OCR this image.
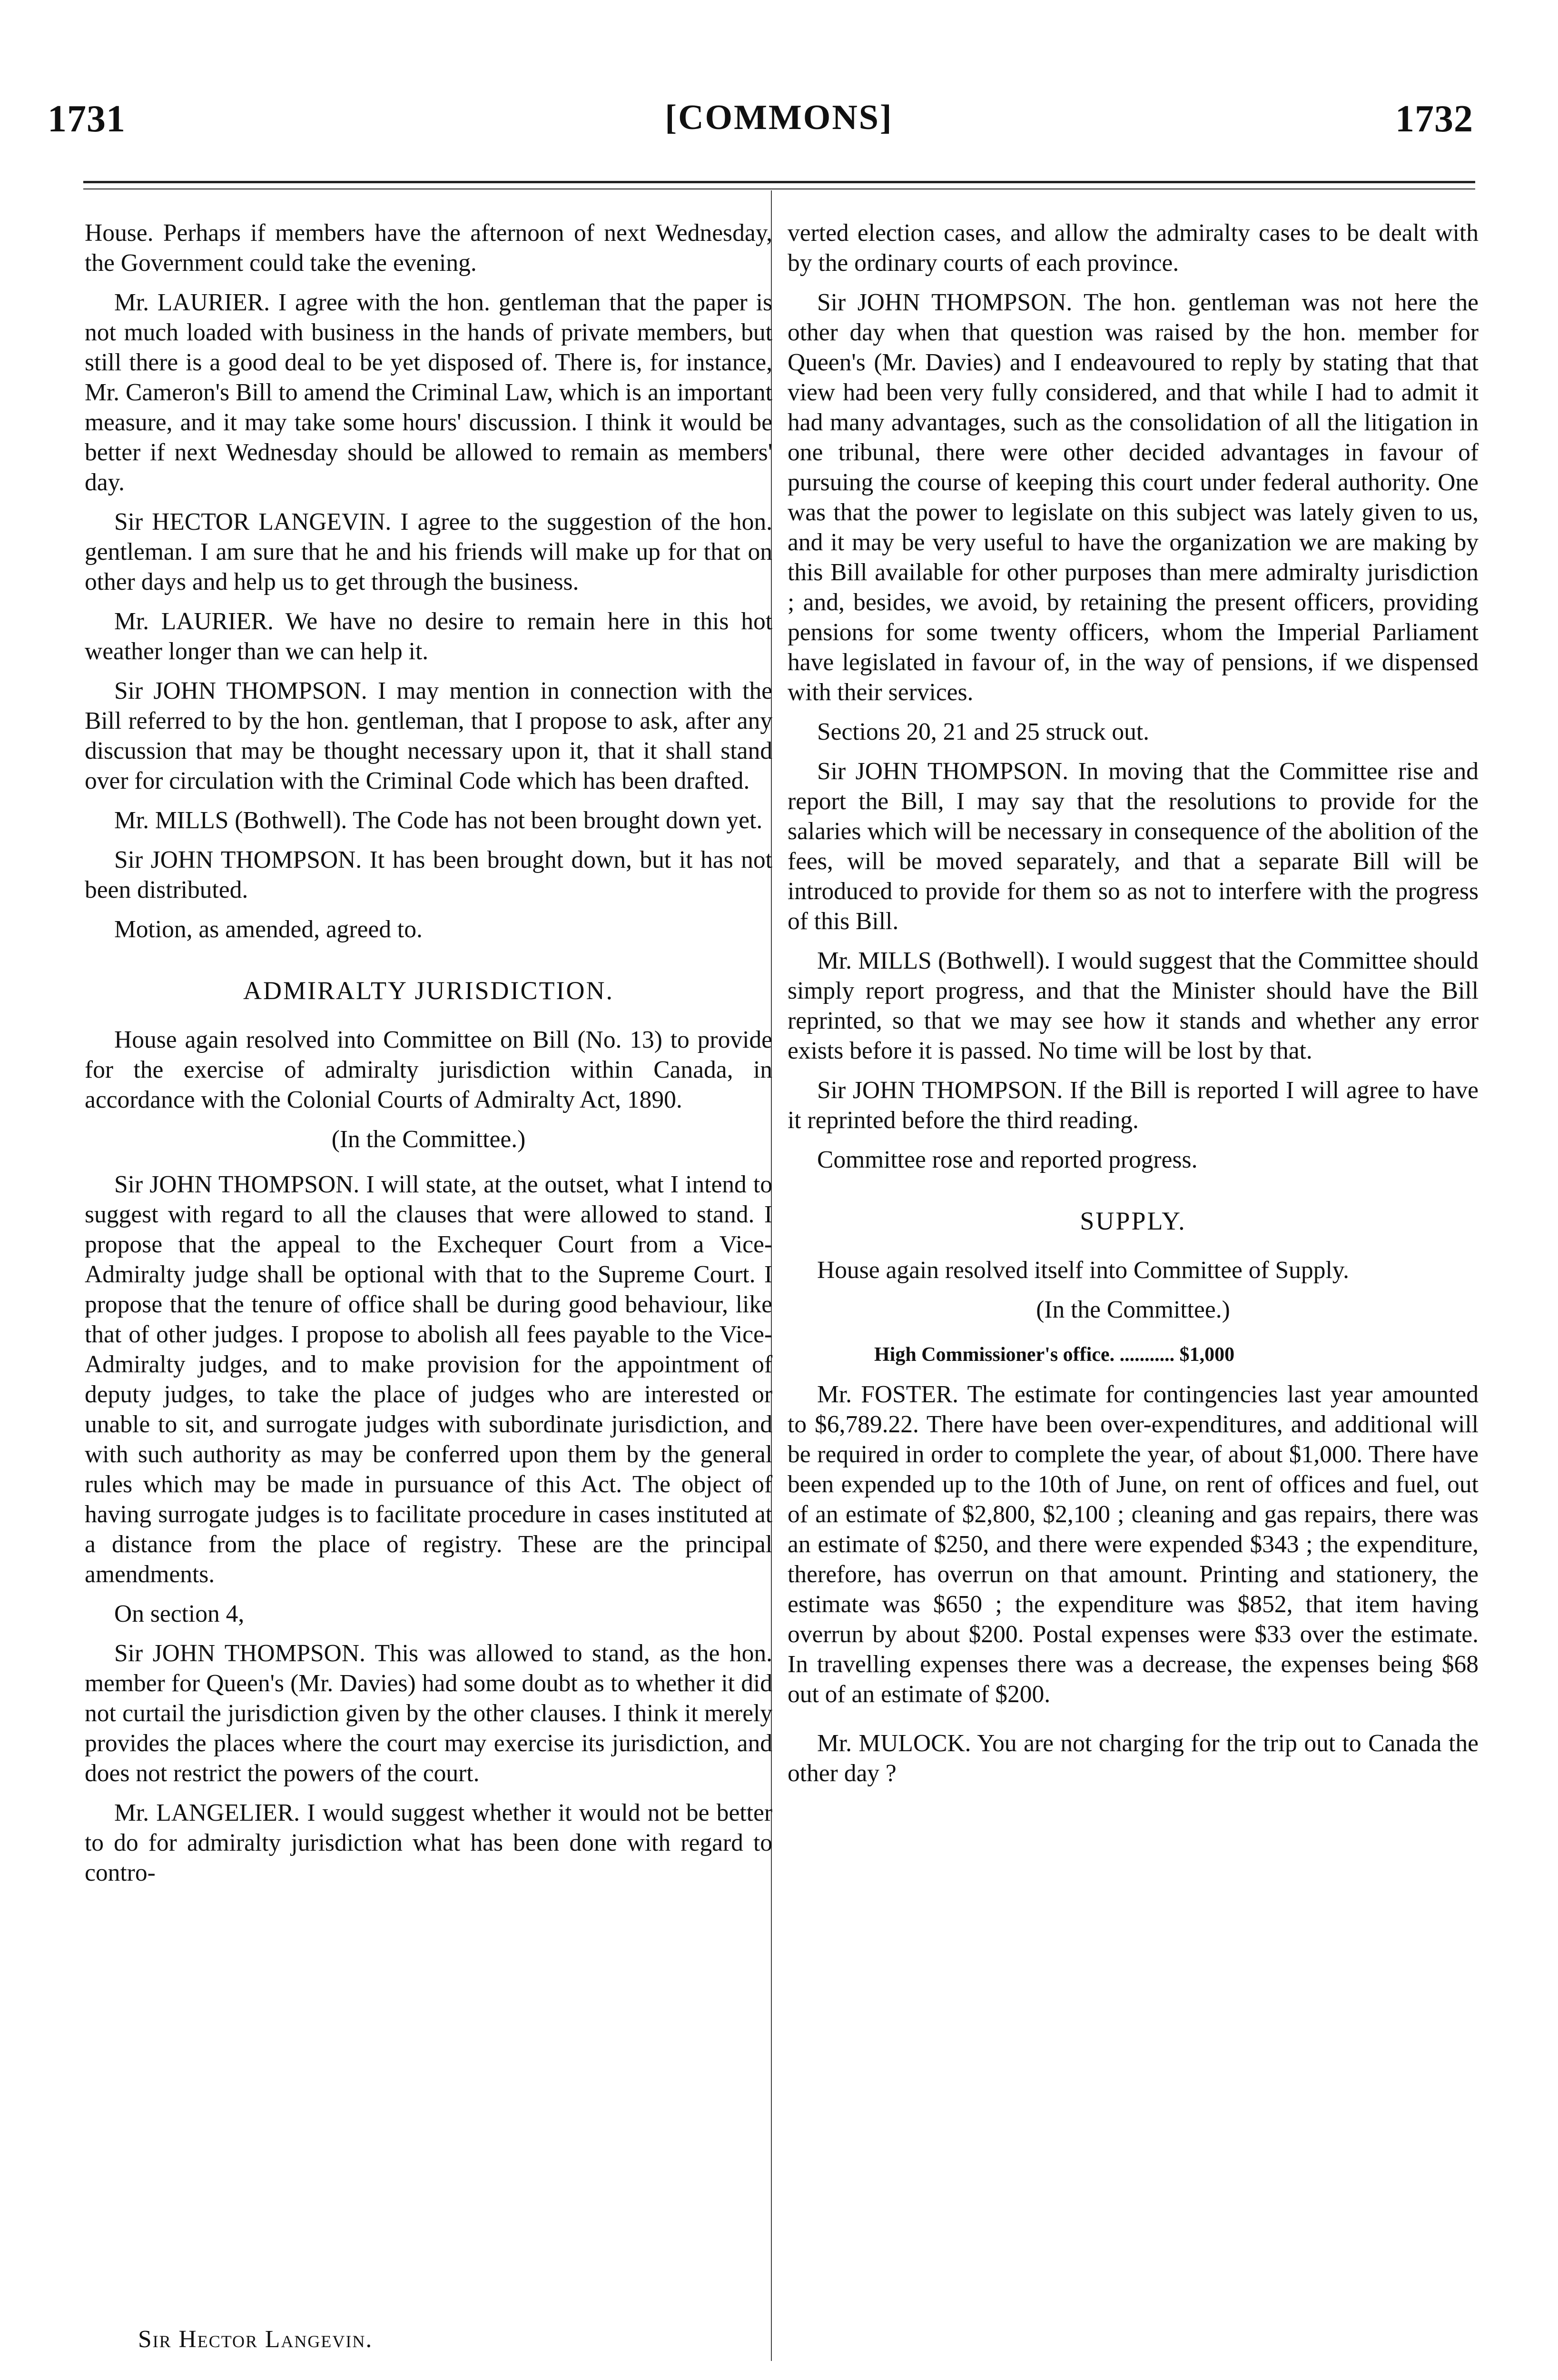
1731	[COMMONS]	1732

House. Perhaps if members have the afternoon of next Wednesday, the Government could take the evening.

Mr. LAURIER. I agree with the hon. gentleman that the paper is not much loaded with business in the hands of private members, but still there is a good deal to be yet disposed of. There is, for instance, Mr. Cameron's Bill to amend the Criminal Law, which is an important measure, and it may take some hours' discussion. I think it would be better if next Wednesday should be allowed to remain as members' day.

Sir HECTOR LANGEVIN. I agree to the suggestion of the hon. gentleman. I am sure that he and his friends will make up for that on other days and help us to get through the business.

Mr. LAURIER. We have no desire to remain here in this hot weather longer than we can help it.

Sir JOHN THOMPSON. I may mention in connection with the Bill referred to by the hon. gentleman, that I propose to ask, after any discussion that may be thought necessary upon it, that it shall stand over for circulation with the Criminal Code which has been drafted.

Mr. MILLS (Bothwell). The Code has not been brought down yet.

Sir JOHN THOMPSON. It has been brought down, but it has not been distributed.

Motion, as amended, agreed to.

ADMIRALTY JURISDICTION.

House again resolved into Committee on Bill (No. 13) to provide for the exercise of admiralty jurisdiction within Canada, in accordance with the Colonial Courts of Admiralty Act, 1890.

(In the Committee.)

Sir JOHN THOMPSON. I will state, at the outset, what I intend to suggest with regard to all the clauses that were allowed to stand. I propose that the appeal to the Exchequer Court from a Vice-Admiralty judge shall be optional with that to the Supreme Court. I propose that the tenure of office shall be during good behaviour, like that of other judges. I propose to abolish all fees payable to the Vice-Admiralty judges, and to make provision for the appointment of deputy judges, to take the place of judges who are interested or unable to sit, and surrogate judges with subordinate jurisdiction, and with such authority as may be conferred upon them by the general rules which may be made in pursuance of this Act. The object of having surrogate judges is to facilitate procedure in cases instituted at a distance from the place of registry. These are the principal amendments.

On section 4,

Sir JOHN THOMPSON. This was allowed to stand, as the hon. member for Queen's (Mr. Davies) had some doubt as to whether it did not curtail the jurisdiction given by the other clauses. I think it merely provides the places where the court may exercise its jurisdiction, and does not restrict the powers of the court.

Mr. LANGELIER. I would suggest whether it would not be better to do for admiralty jurisdiction what has been done with regard to contro-

Sir Hector Langevin.

verted election cases, and allow the admiralty cases to be dealt with by the ordinary courts of each province.

Sir JOHN THOMPSON. The hon. gentleman was not here the other day when that question was raised by the hon. member for Queen's (Mr. Davies) and I endeavoured to reply by stating that that view had been very fully considered, and that while I had to admit it had many advantages, such as the consolidation of all the litigation in one tribunal, there were other decided advantages in favour of pursuing the course of keeping this court under federal authority. One was that the power to legislate on this subject was lately given to us, and it may be very useful to have the organization we are making by this Bill available for other purposes than mere admiralty jurisdiction ; and, besides, we avoid, by retaining the present officers, providing pensions for some twenty officers, whom the Imperial Parliament have legislated in favour of, in the way of pensions, if we dispensed with their services.

Sections 20, 21 and 25 struck out.

Sir JOHN THOMPSON. In moving that the Committee rise and report the Bill, I may say that the resolutions to provide for the salaries which will be necessary in consequence of the abolition of the fees, will be moved separately, and that a separate Bill will be introduced to provide for them so as not to interfere with the progress of this Bill.

Mr. MILLS (Bothwell). I would suggest that the Committee should simply report progress, and that the Minister should have the Bill reprinted, so that we may see how it stands and whether any error exists before it is passed. No time will be lost by that.

Sir JOHN THOMPSON. If the Bill is reported I will agree to have it reprinted before the third reading.

Committee rose and reported progress.

SUPPLY.

House again resolved itself into Committee of Supply.

(In the Committee.)

High Commissioner's office. ........... $1,000

Mr. FOSTER. The estimate for contingencies last year amounted to $6,789.22. There have been over-expenditures, and additional will be required in order to complete the year, of about $1,000. There have been expended up to the 10th of June, on rent of offices and fuel, out of an estimate of $2,800, $2,100 ; cleaning and gas repairs, there was an estimate of $250, and there were expended $343 ; the expenditure, therefore, has overrun on that amount. Printing and stationery, the estimate was $650 ; the expenditure was $852, that item having overrun by about $200. Postal expenses were $33 over the estimate. In travelling expenses there was a decrease, the expenses being $68 out of an estimate of $200.

Mr. MULOCK. You are not charging for the trip out to Canada the other day ?
